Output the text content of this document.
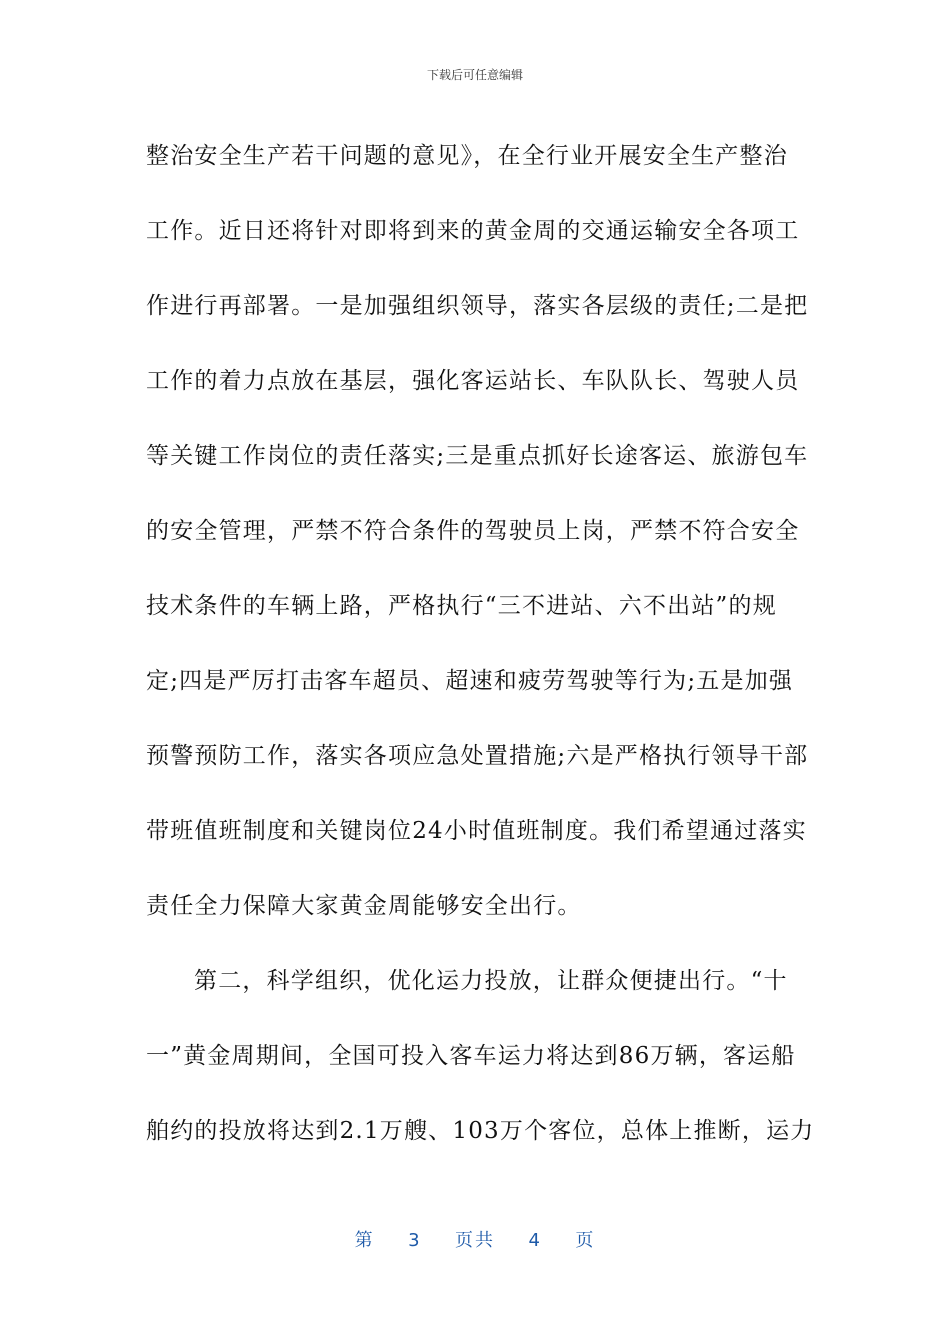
下载后可任意编辑
整治安全生产若干问题的意见》，在全行业开展安全生产整治
工作。近日还将针对即将到来的黄金周的交通运输安全各项工
作进行再部署。一是加强组织领导，落实各层级的责任;二是把
工作的着力点放在基层，强化客运站长、车队队长、驾驶人员
等关键工作岗位的责任落实;三是重点抓好长途客运、旅游包车
的安全管理，严禁不符合条件的驾驶员上岗，严禁不符合安全
技术条件的车辆上路，严格执行“三不进站、六不出站”的规
定;四是严厉打击客车超员、超速和疲劳驾驶等行为;五是加强
预警预防工作，落实各项应急处置措施;六是严格执行领导干部
带班值班制度和关键岗位24小时值班制度。我们希望通过落实
责任全力保障大家黄金周能够安全出行。
第二，科学组织，优化运力投放，让群众便捷出行。“十
一”黄金周期间，全国可投入客车运力将达到86万辆，客运船
舶约的投放将达到2.1万艘、103万个客位，总体上推断，运力
第 3 页共 4 页
